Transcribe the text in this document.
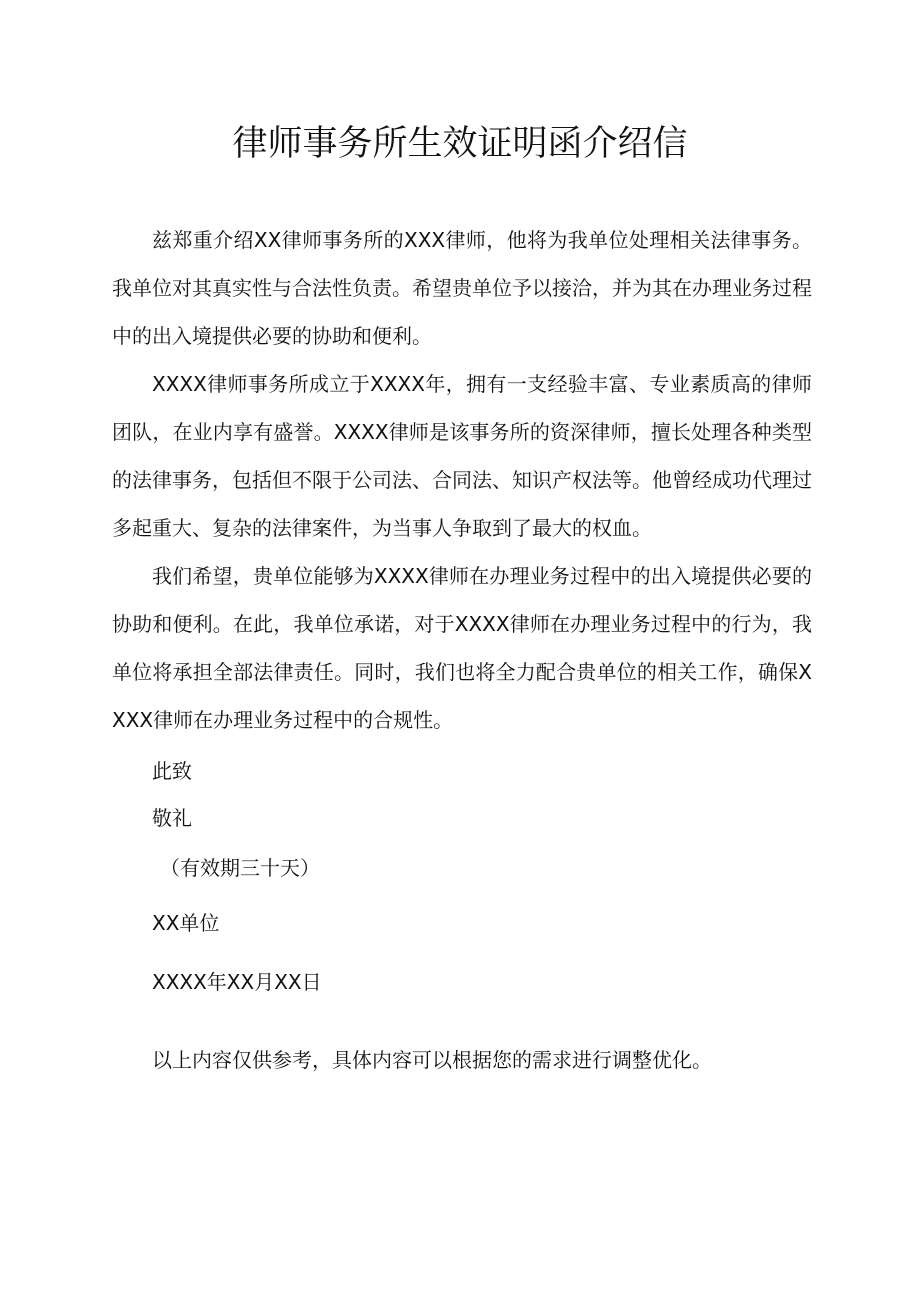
律师事务所生效证明函介绍信

兹郑重介绍XX律师事务所的XXX律师，他将为我单位处理相关法律事务。我单位对其真实性与合法性负责。希望贵单位予以接洽，并为其在办理业务过程中的出入境提供必要的协助和便利。

XXXX律师事务所成立于XXXX年，拥有一支经验丰富、专业素质高的律师团队，在业内享有盛誉。XXXX律师是该事务所的资深律师，擅长处理各种类型的法律事务，包括但不限于公司法、合同法、知识产权法等。他曾经成功代理过多起重大、复杂的法律案件，为当事人争取到了最大的权血。

我们希望，贵单位能够为XXXX律师在办理业务过程中的出入境提供必要的协助和便利。在此，我单位承诺，对于XXXX律师在办理业务过程中的行为，我单位将承担全部法律责任。同时，我们也将全力配合贵单位的相关工作，确保XXXX律师在办理业务过程中的合规性。

此致

敬礼

（有效期三十天）

XX单位

XXXX年XX月XX日

以上内容仅供参考，具体内容可以根据您的需求进行调整优化。
